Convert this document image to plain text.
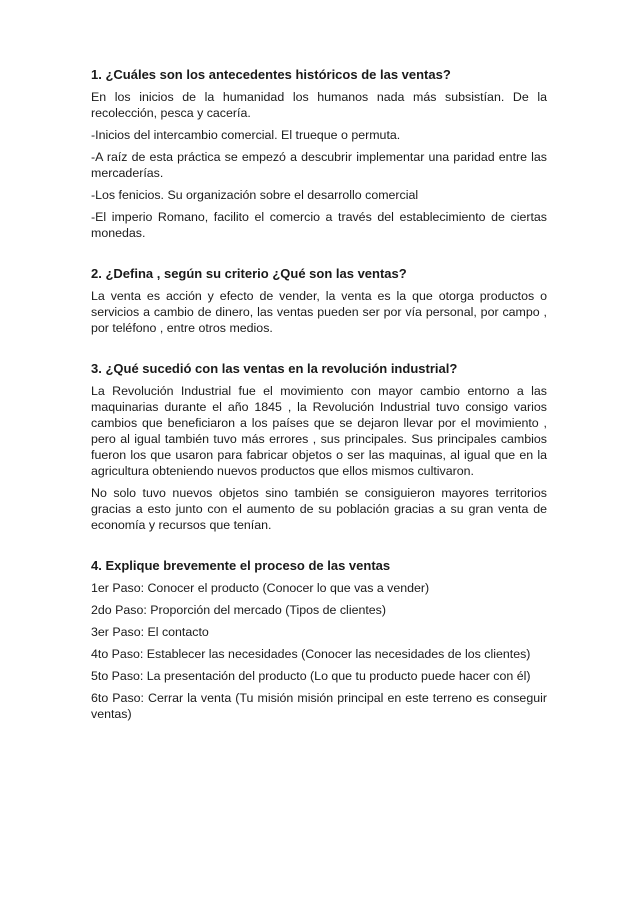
1. ¿Cuáles son los antecedentes históricos de las ventas?
En los inicios de la humanidad los humanos nada más subsistían. De la recolección, pesca y cacería.
-Inicios del intercambio comercial. El trueque o permuta.
-A raíz de esta práctica se empezó a descubrir implementar una paridad entre las mercaderías.
-Los fenicios. Su organización sobre el desarrollo comercial
-El imperio Romano, facilito el comercio a través del establecimiento de ciertas monedas.
2. ¿Defina , según su criterio ¿Qué son las ventas?
La venta es acción y efecto de vender, la venta es la que otorga productos o servicios a cambio de dinero, las ventas pueden ser por vía personal, por campo , por teléfono , entre otros medios.
3. ¿Qué sucedió con las ventas en la revolución industrial?
La Revolución Industrial fue el movimiento con mayor cambio entorno a las maquinarias durante el año 1845 , la Revolución Industrial tuvo consigo varios cambios que beneficiaron a los países que se dejaron llevar por el movimiento , pero al igual también tuvo más errores , sus principales. Sus principales cambios fueron los que usaron para fabricar objetos o ser las maquinas, al igual que en la agricultura obteniendo nuevos productos que ellos mismos cultivaron.
No solo tuvo nuevos objetos sino también se consiguieron mayores territorios gracias a esto junto con el aumento de su población gracias a su gran venta de economía y recursos que tenían.
4. Explique brevemente el proceso de las ventas
1er Paso: Conocer el producto (Conocer lo que vas a vender)
2do Paso: Proporción del mercado (Tipos de clientes)
3er Paso: El contacto
4to Paso: Establecer las necesidades (Conocer las necesidades de los clientes)
5to Paso: La presentación del producto (Lo que tu producto puede hacer con él)
6to Paso: Cerrar la venta (Tu misión misión principal en este terreno es conseguir ventas)
